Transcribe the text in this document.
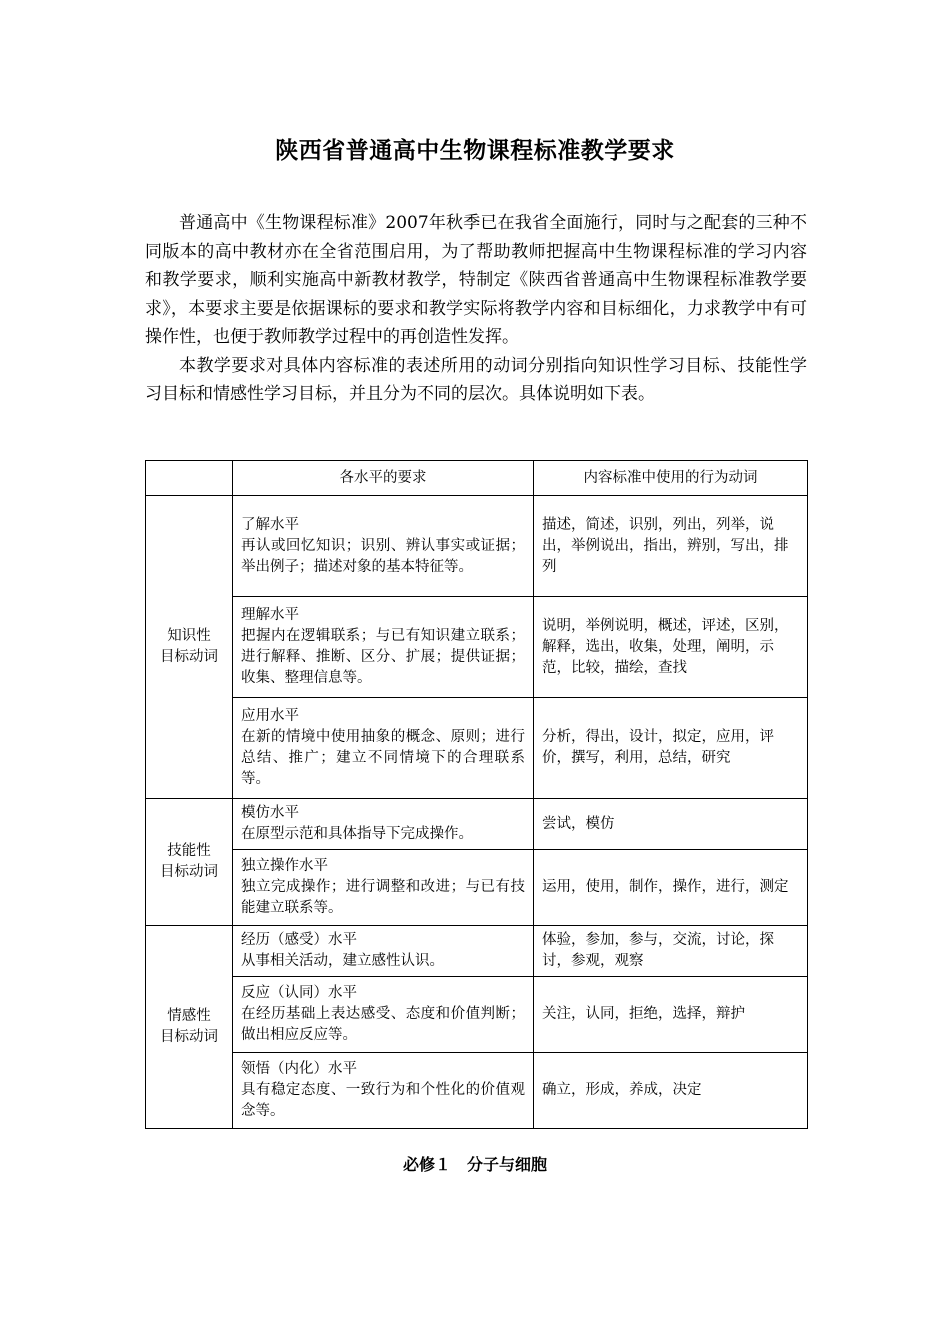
陕西省普通高中生物课程标准教学要求

普通高中《生物课程标准》2007年秋季已在我省全面施行，同时与之配套的三种不同版本的高中教材亦在全省范围启用，为了帮助教师把握高中生物课程标准的学习内容和教学要求，顺利实施高中新教材教学，特制定《陕西省普通高中生物课程标准教学要求》，本要求主要是依据课标的要求和教学实际将教学内容和目标细化，力求教学中有可操作性，也便于教师教学过程中的再创造性发挥。

本教学要求对具体内容标准的表述所用的动词分别指向知识性学习目标、技能性学习目标和情感性学习目标，并且分为不同的层次。具体说明如下表。

	各水平的要求	内容标准中使用的行为动词

知识性
目标动词	了解水平
再认或回忆知识；识别、辨认事实或证据；举出例子；描述对象的基本特征等。	描述，简述，识别，列出，列举，说出，举例说出，指出，辨别，写出，排列

	理解水平
把握内在逻辑联系；与已有知识建立联系；进行解释、推断、区分、扩展；提供证据；收集、整理信息等。	说明，举例说明，概述，评述，区别，解释，选出，收集，处理，阐明，示范，比较，描绘，查找

	应用水平
在新的情境中使用抽象的概念、原则；进行总结、推广；建立不同情境下的合理联系等。	分析，得出，设计，拟定，应用，评价，撰写，利用，总结，研究

技能性
目标动词	模仿水平
在原型示范和具体指导下完成操作。	尝试，模仿

	独立操作水平
独立完成操作；进行调整和改进；与已有技能建立联系等。	运用，使用，制作，操作，进行，测定

情感性
目标动词	经历（感受）水平
从事相关活动，建立感性认识。	体验，参加，参与，交流，讨论，探讨，参观，观察

	反应（认同）水平
在经历基础上表达感受、态度和价值判断；做出相应反应等。	关注，认同，拒绝，选择，辩护

	领悟（内化）水平
具有稳定态度、一致行为和个性化的价值观念等。	确立，形成，养成，决定
必修１　分子与细胞
